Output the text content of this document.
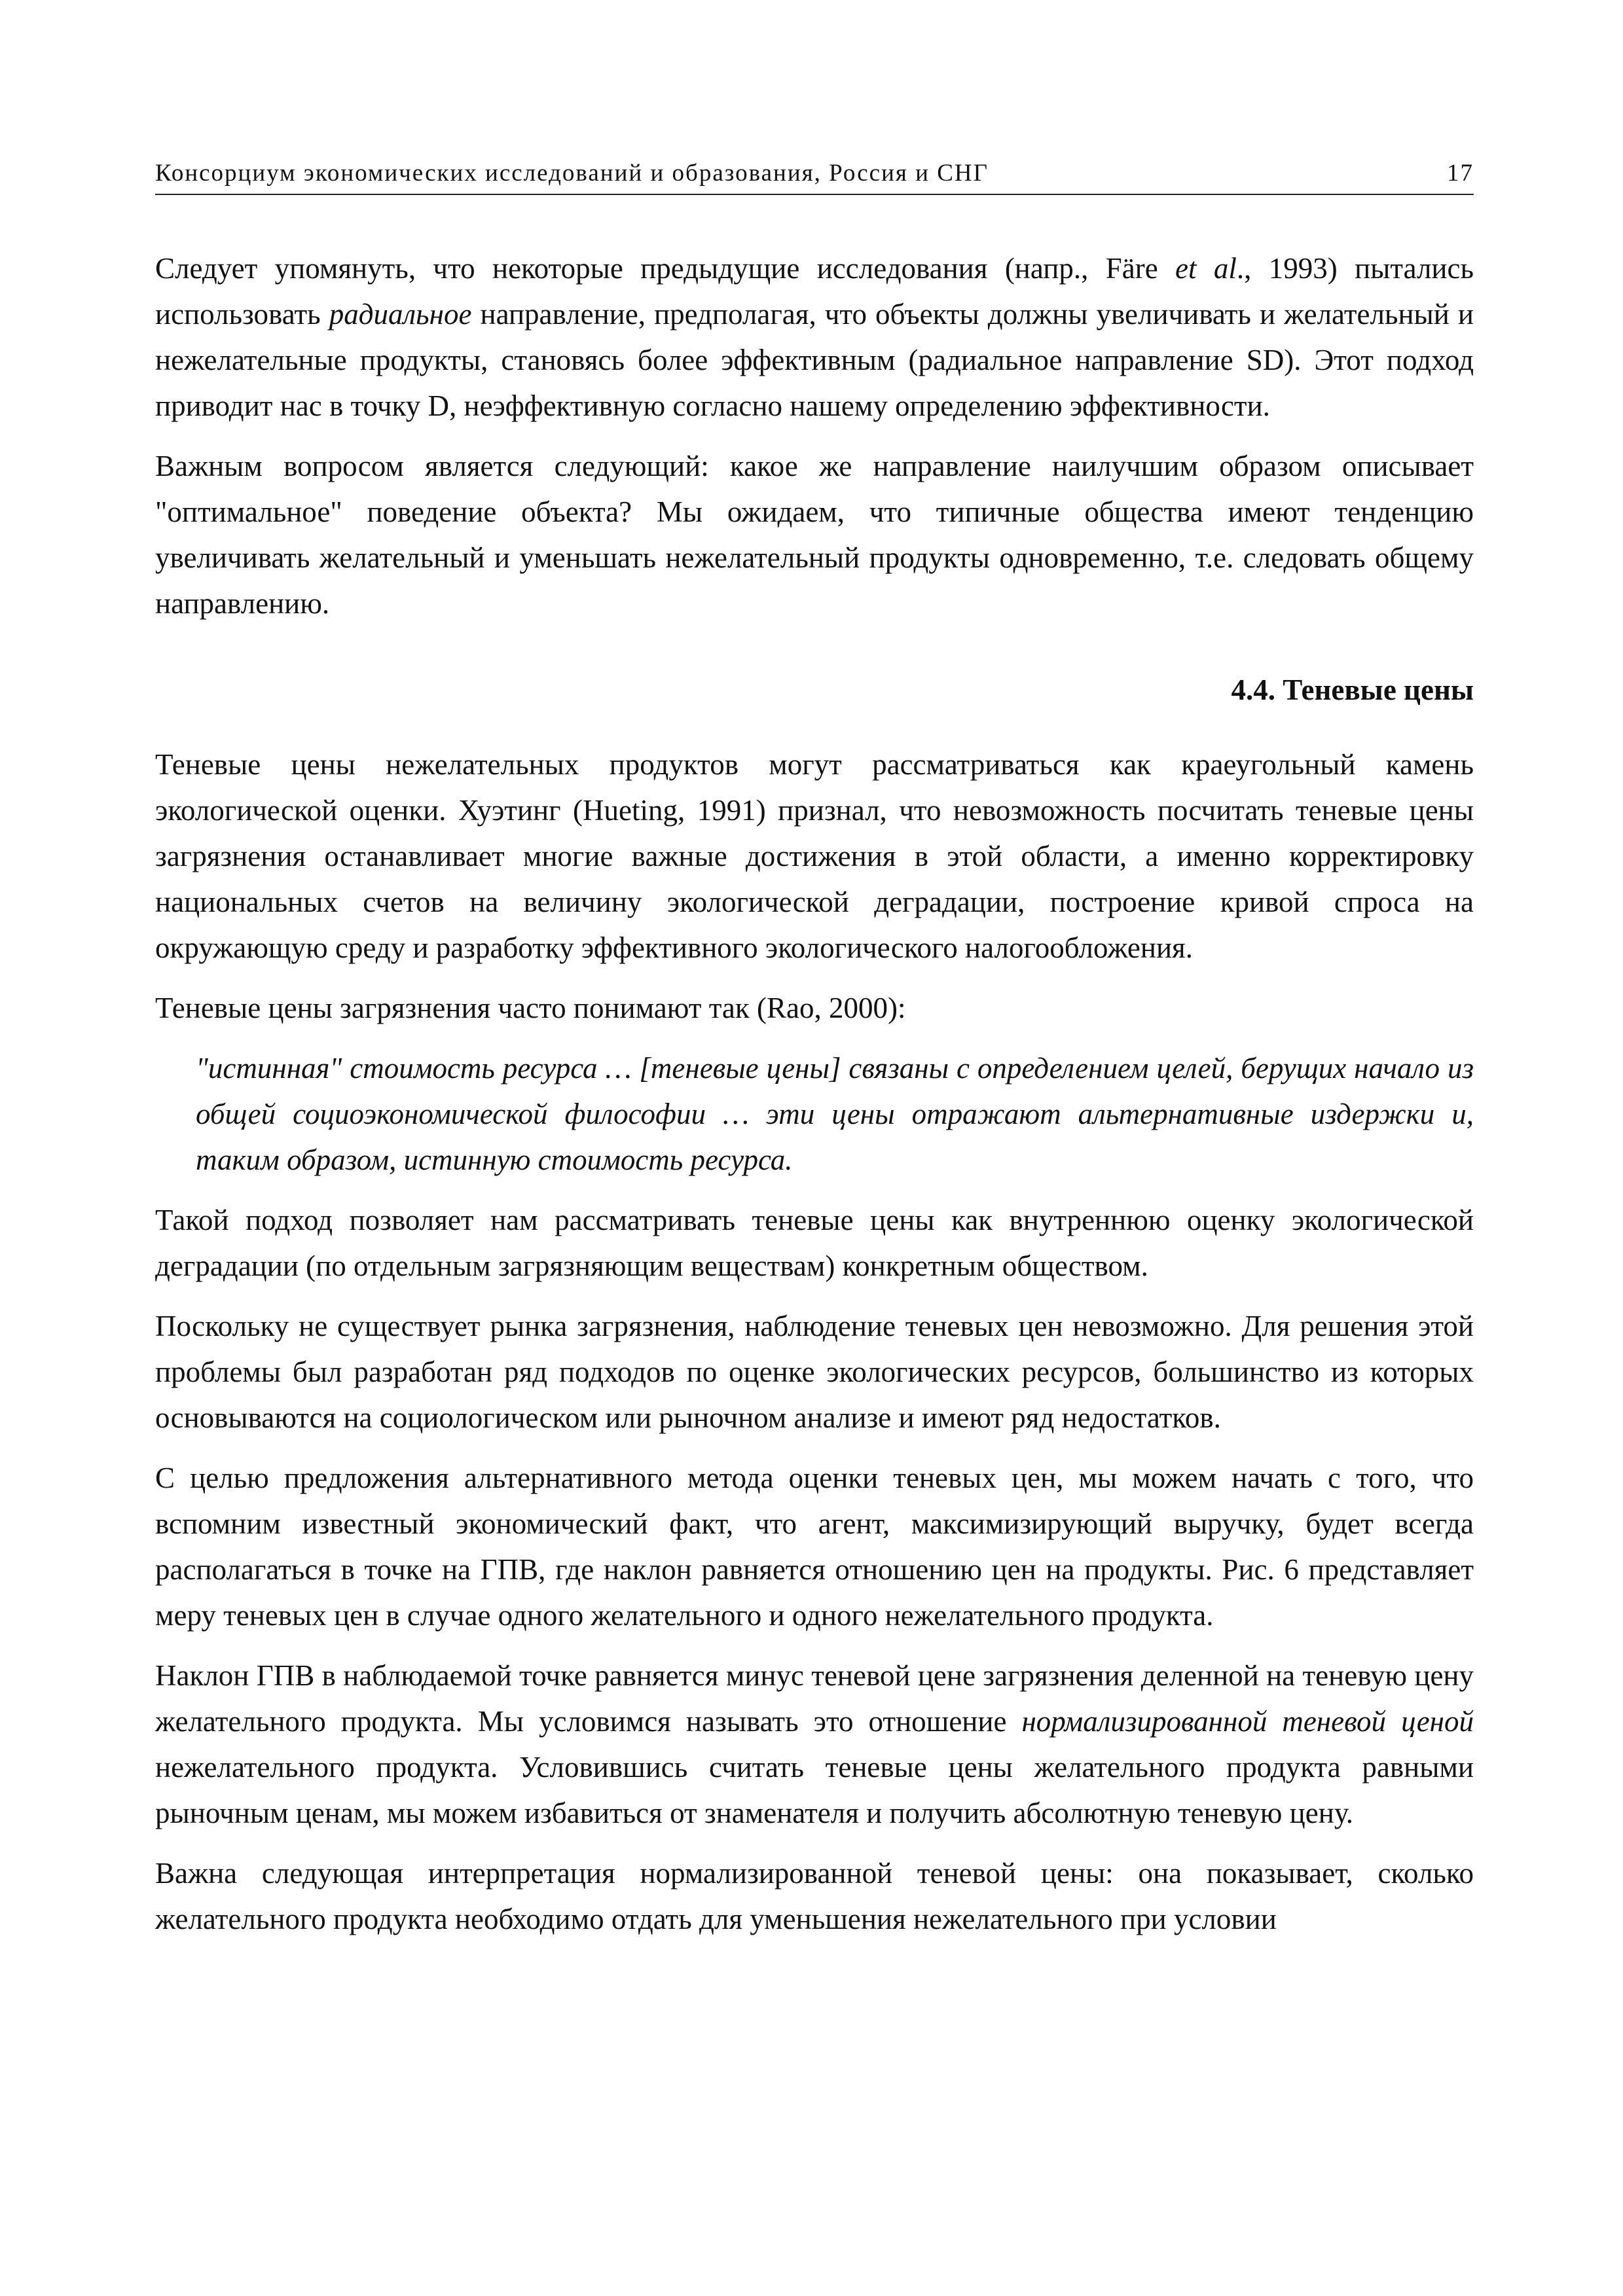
Консорциум экономических исследований и образования, Россия и СНГ	17

Следует упомянуть, что некоторые предыдущие исследования (напр., Färe et al., 1993) пытались использовать радиальное направление, предполагая, что объекты должны увеличивать и желательный и нежелательные продукты, становясь более эффективным (радиальное направление SD). Этот подход приводит нас в точку D, неэффективную согласно нашему определению эффективности.

Важным вопросом является следующий: какое же направление наилучшим образом описывает "оптимальное" поведение объекта? Мы ожидаем, что типичные общества имеют тенденцию увеличивать желательный и уменьшать нежелательный продукты одновременно, т.е. следовать общему направлению.

4.4. Теневые цены

Теневые цены нежелательных продуктов могут рассматриваться как краеугольный камень экологической оценки. Хуэтинг (Hueting, 1991) признал, что невозможность посчитать теневые цены загрязнения останавливает многие важные достижения в этой области, а именно корректировку национальных счетов на величину экологической деградации, построение кривой спроса на окружающую среду и разработку эффективного экологического налогообложения.

Теневые цены загрязнения часто понимают так (Rao, 2000):

"истинная" стоимость ресурса … [теневые цены] связаны с определением целей, берущих начало из общей социоэкономической философии … эти цены отражают альтернативные издержки и, таким образом, истинную стоимость ресурса.

Такой подход позволяет нам рассматривать теневые цены как внутреннюю оценку экологической деградации (по отдельным загрязняющим веществам) конкретным обществом.

Поскольку не существует рынка загрязнения, наблюдение теневых цен невозможно. Для решения этой проблемы был разработан ряд подходов по оценке экологических ресурсов, большинство из которых основываются на социологическом или рыночном анализе и имеют ряд недостатков.

С целью предложения альтернативного метода оценки теневых цен, мы можем начать с того, что вспомним известный экономический факт, что агент, максимизирующий выручку, будет всегда располагаться в точке на ГПВ, где наклон равняется отношению цен на продукты. Рис. 6 представляет меру теневых цен в случае одного желательного и одного нежелательного продукта.

Наклон ГПВ в наблюдаемой точке равняется минус теневой цене загрязнения деленной на теневую цену желательного продукта. Мы условимся называть это отношение нормализированной теневой ценой нежелательного продукта. Условившись считать теневые цены желательного продукта равными рыночным ценам, мы можем избавиться от знаменателя и получить абсолютную теневую цену.

Важна следующая интерпретация нормализированной теневой цены: она показывает, сколько желательного продукта необходимо отдать для уменьшения нежелательного при условии
